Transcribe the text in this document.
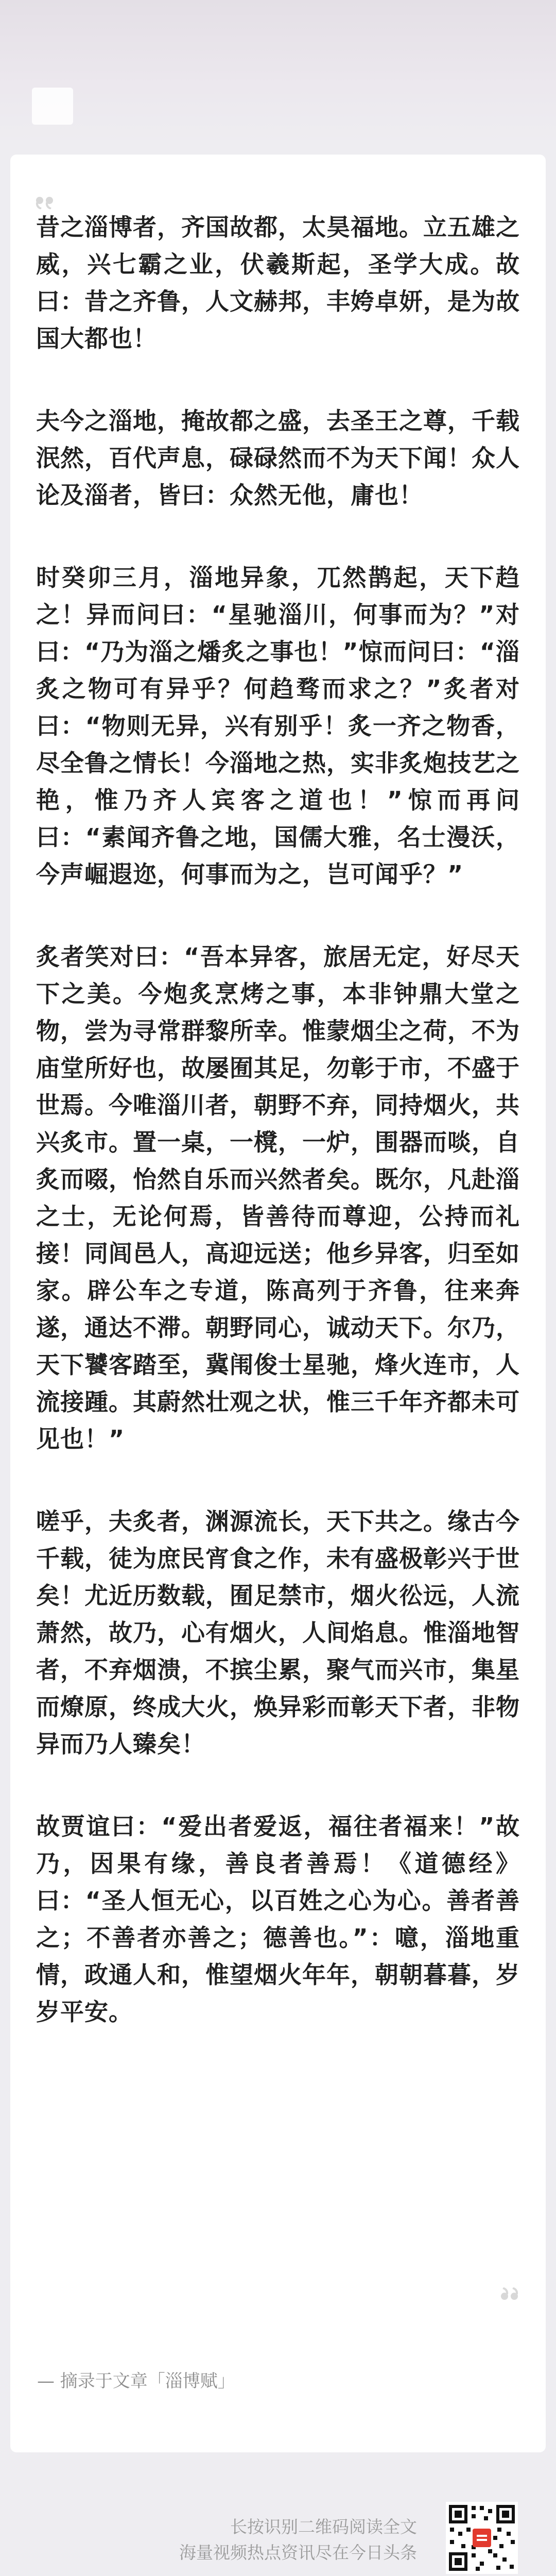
昔之淄博者，齐国故都，太昊福地。立五雄之威，兴七霸之业，伏羲斯起，圣学大成。故曰：昔之齐鲁，人文赫邦，丰姱卓妍，是为故国大都也！

夫今之淄地，掩故都之盛，去圣王之尊，千载泯然，百代声息，碌碌然而不为天下闻！众人论及淄者，皆曰：众然无他，庸也！

时癸卯三月，淄地异象，兀然鹊起，天下趋之！异而问曰：“星驰淄川，何事而为？”对曰：“乃为淄之燔炙之事也！”惊而问曰：“淄炙之物可有异乎？何趋骛而求之？”炙者对曰：“物则无异，兴有别乎！炙一齐之物香，尽全鲁之情长！今淄地之热，实非炙炮技艺之艳，惟乃齐人宾客之道也！”惊而再问曰：“素闻齐鲁之地，国儒大雅，名士漫沃，今声崛遐迩，何事而为之，岂可闻乎？”

炙者笑对曰：“吾本异客，旅居无定，好尽天下之美。今炮炙烹烤之事，本非钟鼎大堂之物，尝为寻常群黎所幸。惟蒙烟尘之荷，不为庙堂所好也，故屡囿其足，勿彰于市，不盛于世焉。今唯淄川者，朝野不弃，同持烟火，共兴炙市。置一桌，一櫈，一炉，围器而啖，自炙而啜，怡然自乐而兴然者矣。既尔，凡赴淄之士，无论何焉，皆善待而尊迎，公持而礼接！同闾邑人，高迎远送；他乡异客，归至如家。辟公车之专道，陈高列于齐鲁，往来奔遂，通达不滞。朝野同心，诚动天下。尔乃，天下饕客踏至，冀闱俊士星驰，烽火连市，人流接踵。其蔚然壮观之状，惟三千年齐都未可见也！”

嗟乎，夫炙者，渊源流长，天下共之。缘古今千载，徒为庶民宵食之作，未有盛极彰兴于世矣！尤近历数载，囿足禁市，烟火彸远，人流萧然，故乃，心有烟火，人间焰息。惟淄地智者，不弃烟溃，不摈尘累，聚气而兴市，集星而燎原，终成大火，焕异彩而彰天下者，非物异而乃人臻矣！

故贾谊曰：“爱出者爱返，福往者福来！”故乃，因果有缘，善良者善焉！《道德经》曰：“圣人恒无心，以百姓之心为心。善者善之；不善者亦善之；德善也。”：噫，淄地重情，政通人和，惟望烟火年年，朝朝暮暮，岁岁平安。

— 摘录于文章「淄博赋」
长按识别二维码阅读全文
海量视频热点资讯尽在今日头条
